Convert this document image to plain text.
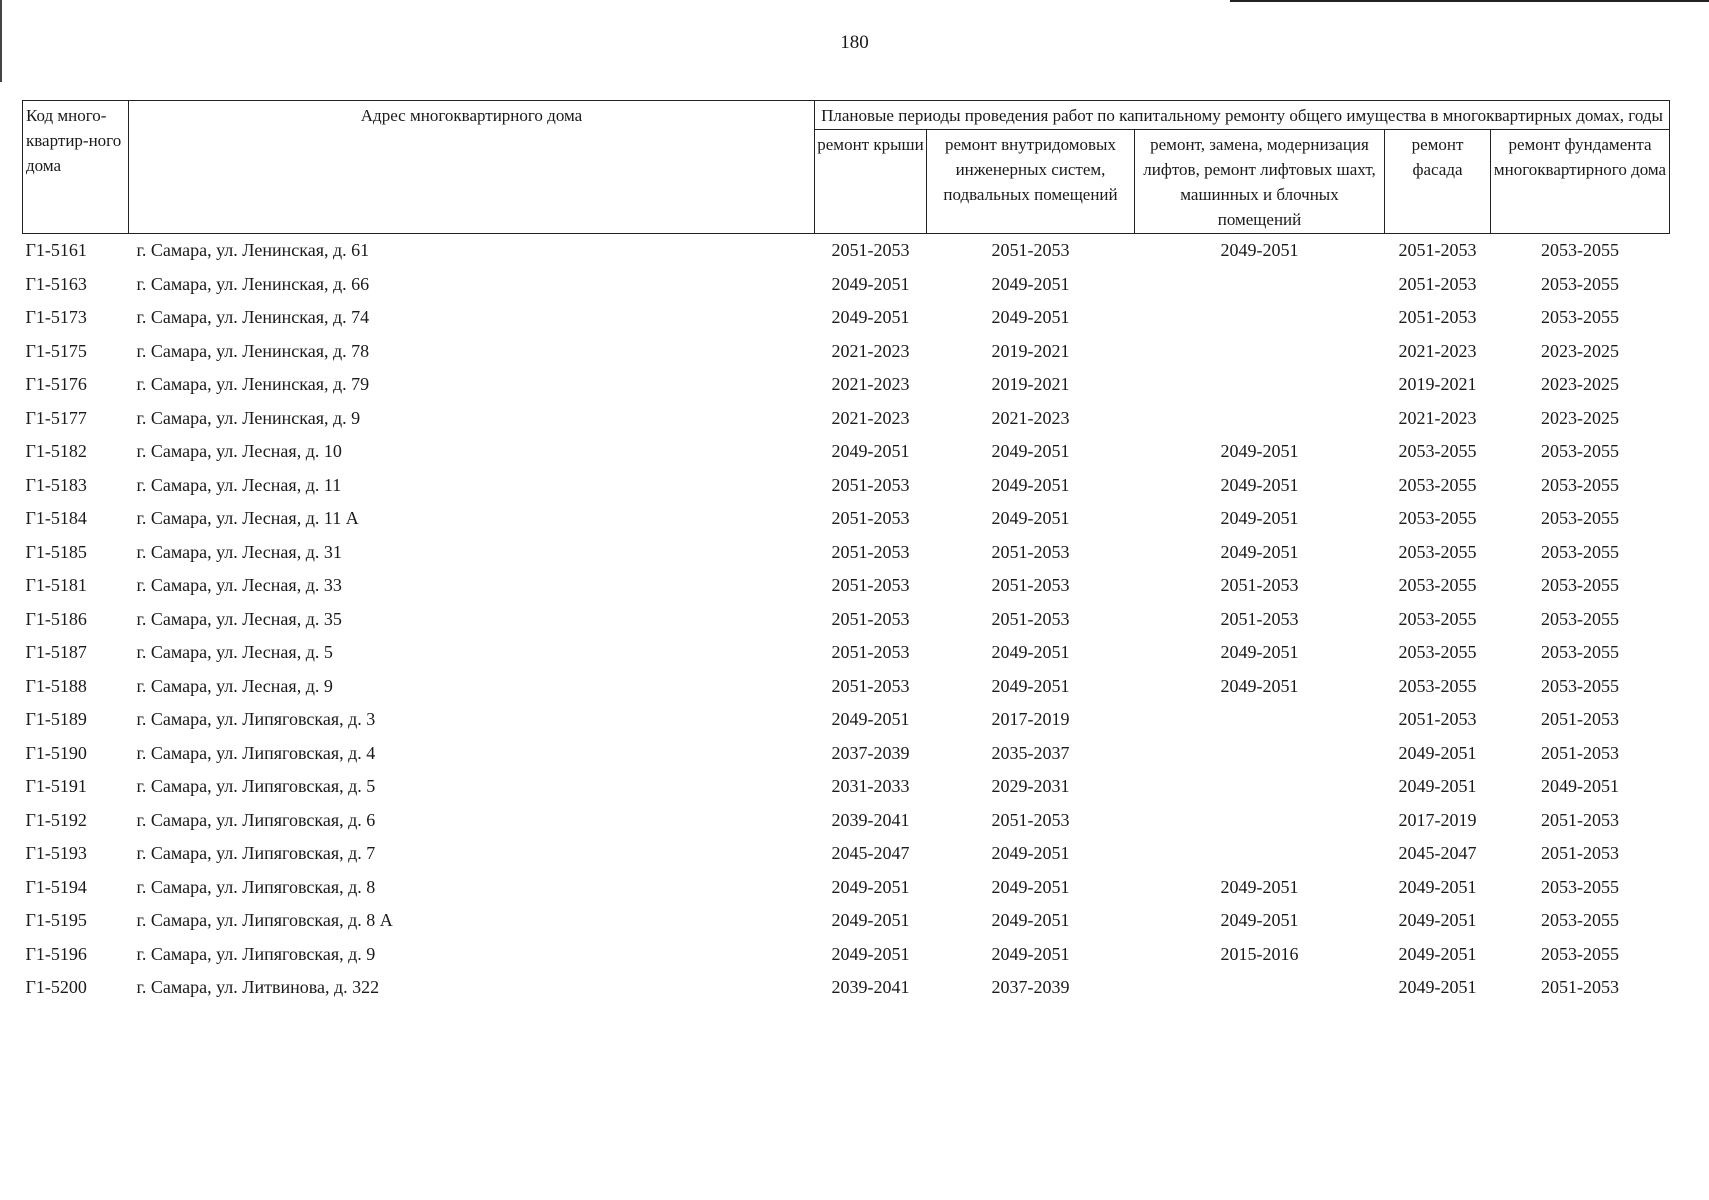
180
Код много-квартир-ного дома	Адрес многоквартирного дома	Плановые периоды проведения работ по капитальному ремонту общего имущества в многоквартирных домах, годы				
		ремонт крыши	ремонт внутридомовых инженерных систем, подвальных помещений	ремонт, замена, модернизация лифтов, ремонт лифтовых шахт, машинных и блочных помещений	ремонт фасада	ремонт фундамента многоквартирного дома
Г1-5161	г. Самара, ул. Ленинская, д. 61	2051-2053	2051-2053	2049-2051	2051-2053	2053-2055
Г1-5163	г. Самара, ул. Ленинская, д. 66	2049-2051	2049-2051		2051-2053	2053-2055
Г1-5173	г. Самара, ул. Ленинская, д. 74	2049-2051	2049-2051		2051-2053	2053-2055
Г1-5175	г. Самара, ул. Ленинская, д. 78	2021-2023	2019-2021		2021-2023	2023-2025
Г1-5176	г. Самара, ул. Ленинская, д. 79	2021-2023	2019-2021		2019-2021	2023-2025
Г1-5177	г. Самара, ул. Ленинская, д. 9	2021-2023	2021-2023		2021-2023	2023-2025
Г1-5182	г. Самара, ул. Лесная, д. 10	2049-2051	2049-2051	2049-2051	2053-2055	2053-2055
Г1-5183	г. Самара, ул. Лесная, д. 11	2051-2053	2049-2051	2049-2051	2053-2055	2053-2055
Г1-5184	г. Самара, ул. Лесная, д. 11 А	2051-2053	2049-2051	2049-2051	2053-2055	2053-2055
Г1-5185	г. Самара, ул. Лесная, д. 31	2051-2053	2051-2053	2049-2051	2053-2055	2053-2055
Г1-5181	г. Самара, ул. Лесная, д. 33	2051-2053	2051-2053	2051-2053	2053-2055	2053-2055
Г1-5186	г. Самара, ул. Лесная, д. 35	2051-2053	2051-2053	2051-2053	2053-2055	2053-2055
Г1-5187	г. Самара, ул. Лесная, д. 5	2051-2053	2049-2051	2049-2051	2053-2055	2053-2055
Г1-5188	г. Самара, ул. Лесная, д. 9	2051-2053	2049-2051	2049-2051	2053-2055	2053-2055
Г1-5189	г. Самара, ул. Липяговская, д. 3	2049-2051	2017-2019		2051-2053	2051-2053
Г1-5190	г. Самара, ул. Липяговская, д. 4	2037-2039	2035-2037		2049-2051	2051-2053
Г1-5191	г. Самара, ул. Липяговская, д. 5	2031-2033	2029-2031		2049-2051	2049-2051
Г1-5192	г. Самара, ул. Липяговская, д. 6	2039-2041	2051-2053		2017-2019	2051-2053
Г1-5193	г. Самара, ул. Липяговская, д. 7	2045-2047	2049-2051		2045-2047	2051-2053
Г1-5194	г. Самара, ул. Липяговская, д. 8	2049-2051	2049-2051	2049-2051	2049-2051	2053-2055
Г1-5195	г. Самара, ул. Липяговская, д. 8 А	2049-2051	2049-2051	2049-2051	2049-2051	2053-2055
Г1-5196	г. Самара, ул. Липяговская, д. 9	2049-2051	2049-2051	2015-2016	2049-2051	2053-2055
Г1-5200	г. Самара, ул. Литвинова, д. 322	2039-2041	2037-2039		2049-2051	2051-2053
